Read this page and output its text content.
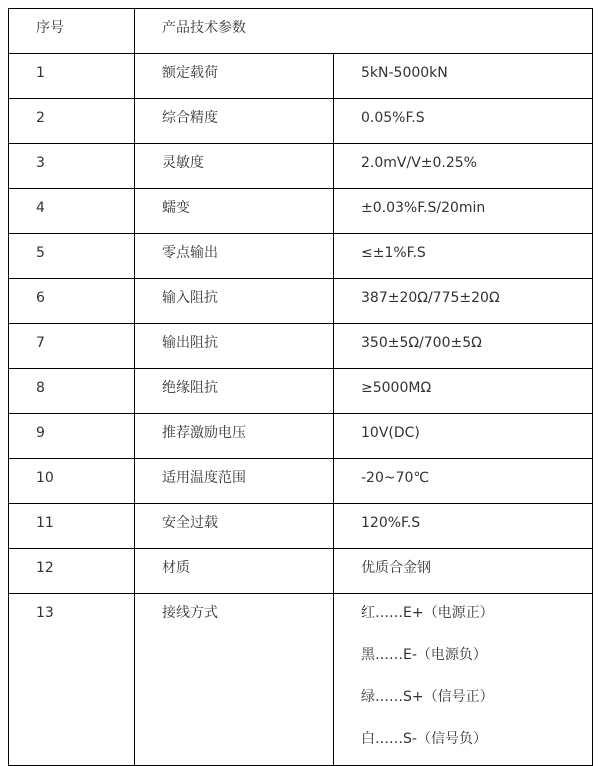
序号	产品技术参数	
1	额定载荷	5kN-5000kN
2	综合精度	0.05%F.S
3	灵敏度	2.0mV/V±0.25%
4	蠕变	±0.03%F.S/20min
5	零点输出	≤±1%F.S
6	输入阻抗	387±20Ω/775±20Ω
7	输出阻抗	350±5Ω/700±5Ω
8	绝缘阻抗	≥5000MΩ
9	推荐激励电压	10V(DC)
10	适用温度范围	-20~70℃
11	安全过载	120%F.S
12	材质	优质合金钢
13	接线方式	红……E+（电源正）
黑……E-（电源负）
绿……S+（信号正）
白……S-（信号负）
